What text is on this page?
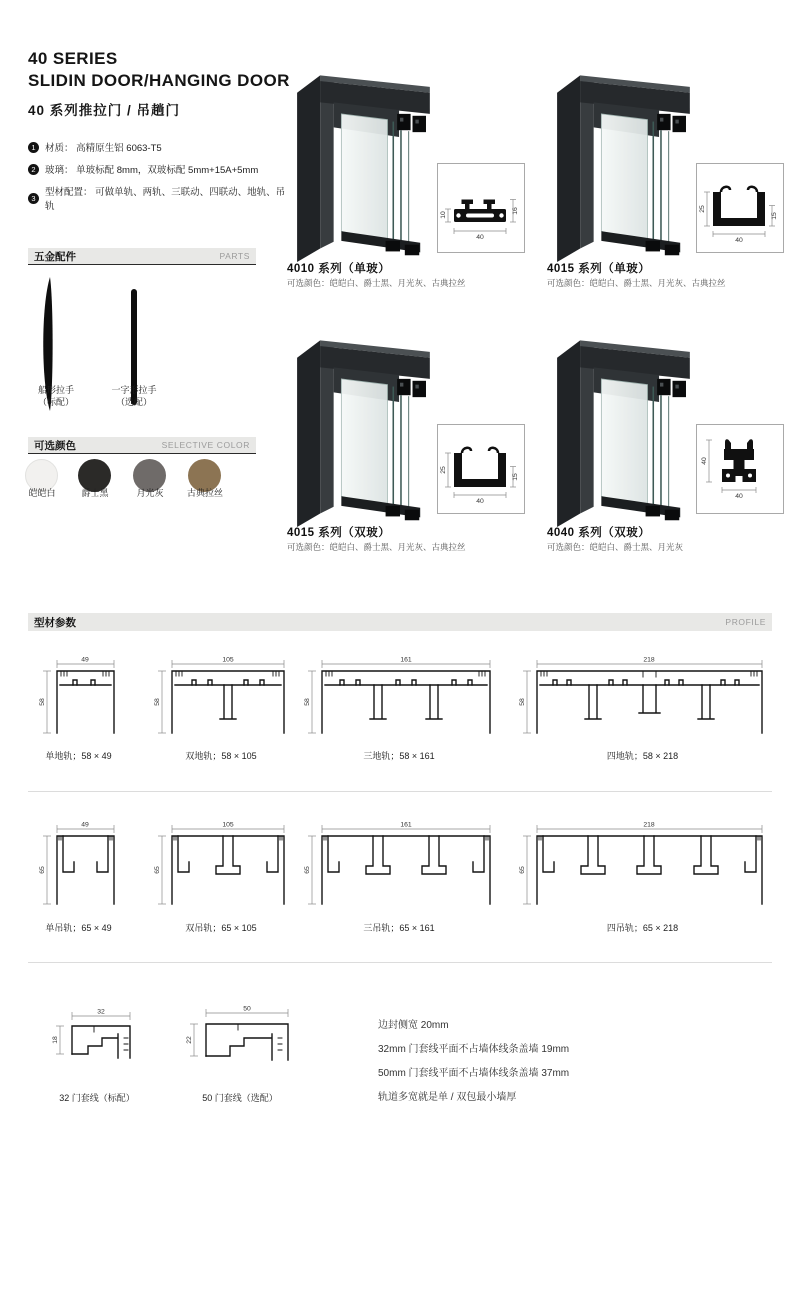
40 SERIES
SLIDIN DOOR/HANGING DOOR
40 系列推拉门 / 吊趟门
1 材质： 高精原生铝 6063-T5
2 玻璃： 单玻标配 8mm，双玻标配 5mm+15A+5mm
3 型材配置： 可做单轨、两轨、三联动、四联动、地轨、吊轨
五金配件	PARTS
船形拉手
（标配）
一字形拉手
（选配）
可选颜色	SELECTIVE COLOR
皑皑白	爵士黑	月光灰	古典拉丝
10
16
40
4010 系列（单玻）
可选颜色：皑皑白、爵士黑、月光灰、古典拉丝
25
15
40
4015 系列（单玻）
可选颜色：皑皑白、爵士黑、月光灰、古典拉丝
25
15
40
4015 系列（双玻）
可选颜色：皑皑白、爵士黑、月光灰、古典拉丝
40
40
4040 系列（双玻）
可选颜色：皑皑白、爵士黑、月光灰
型材参数	PROFILE
49
58
单地轨；58 × 49
105
58
双地轨；58 × 105
161
58
三地轨；58 × 161
218
58
四地轨；58 × 218
49
65
单吊轨；65 × 49
105
65
双吊轨；65 × 105
161
65
三吊轨；65 × 161
218
65
四吊轨；65 × 218
32
18
32 门套线（标配）
50
22
50 门套线（选配）
边封侧宽 20mm
32mm 门套线平面不占墙体线条盖墙 19mm
50mm 门套线平面不占墙体线条盖墙 37mm
轨道多宽就是单 / 双包最小墙厚
